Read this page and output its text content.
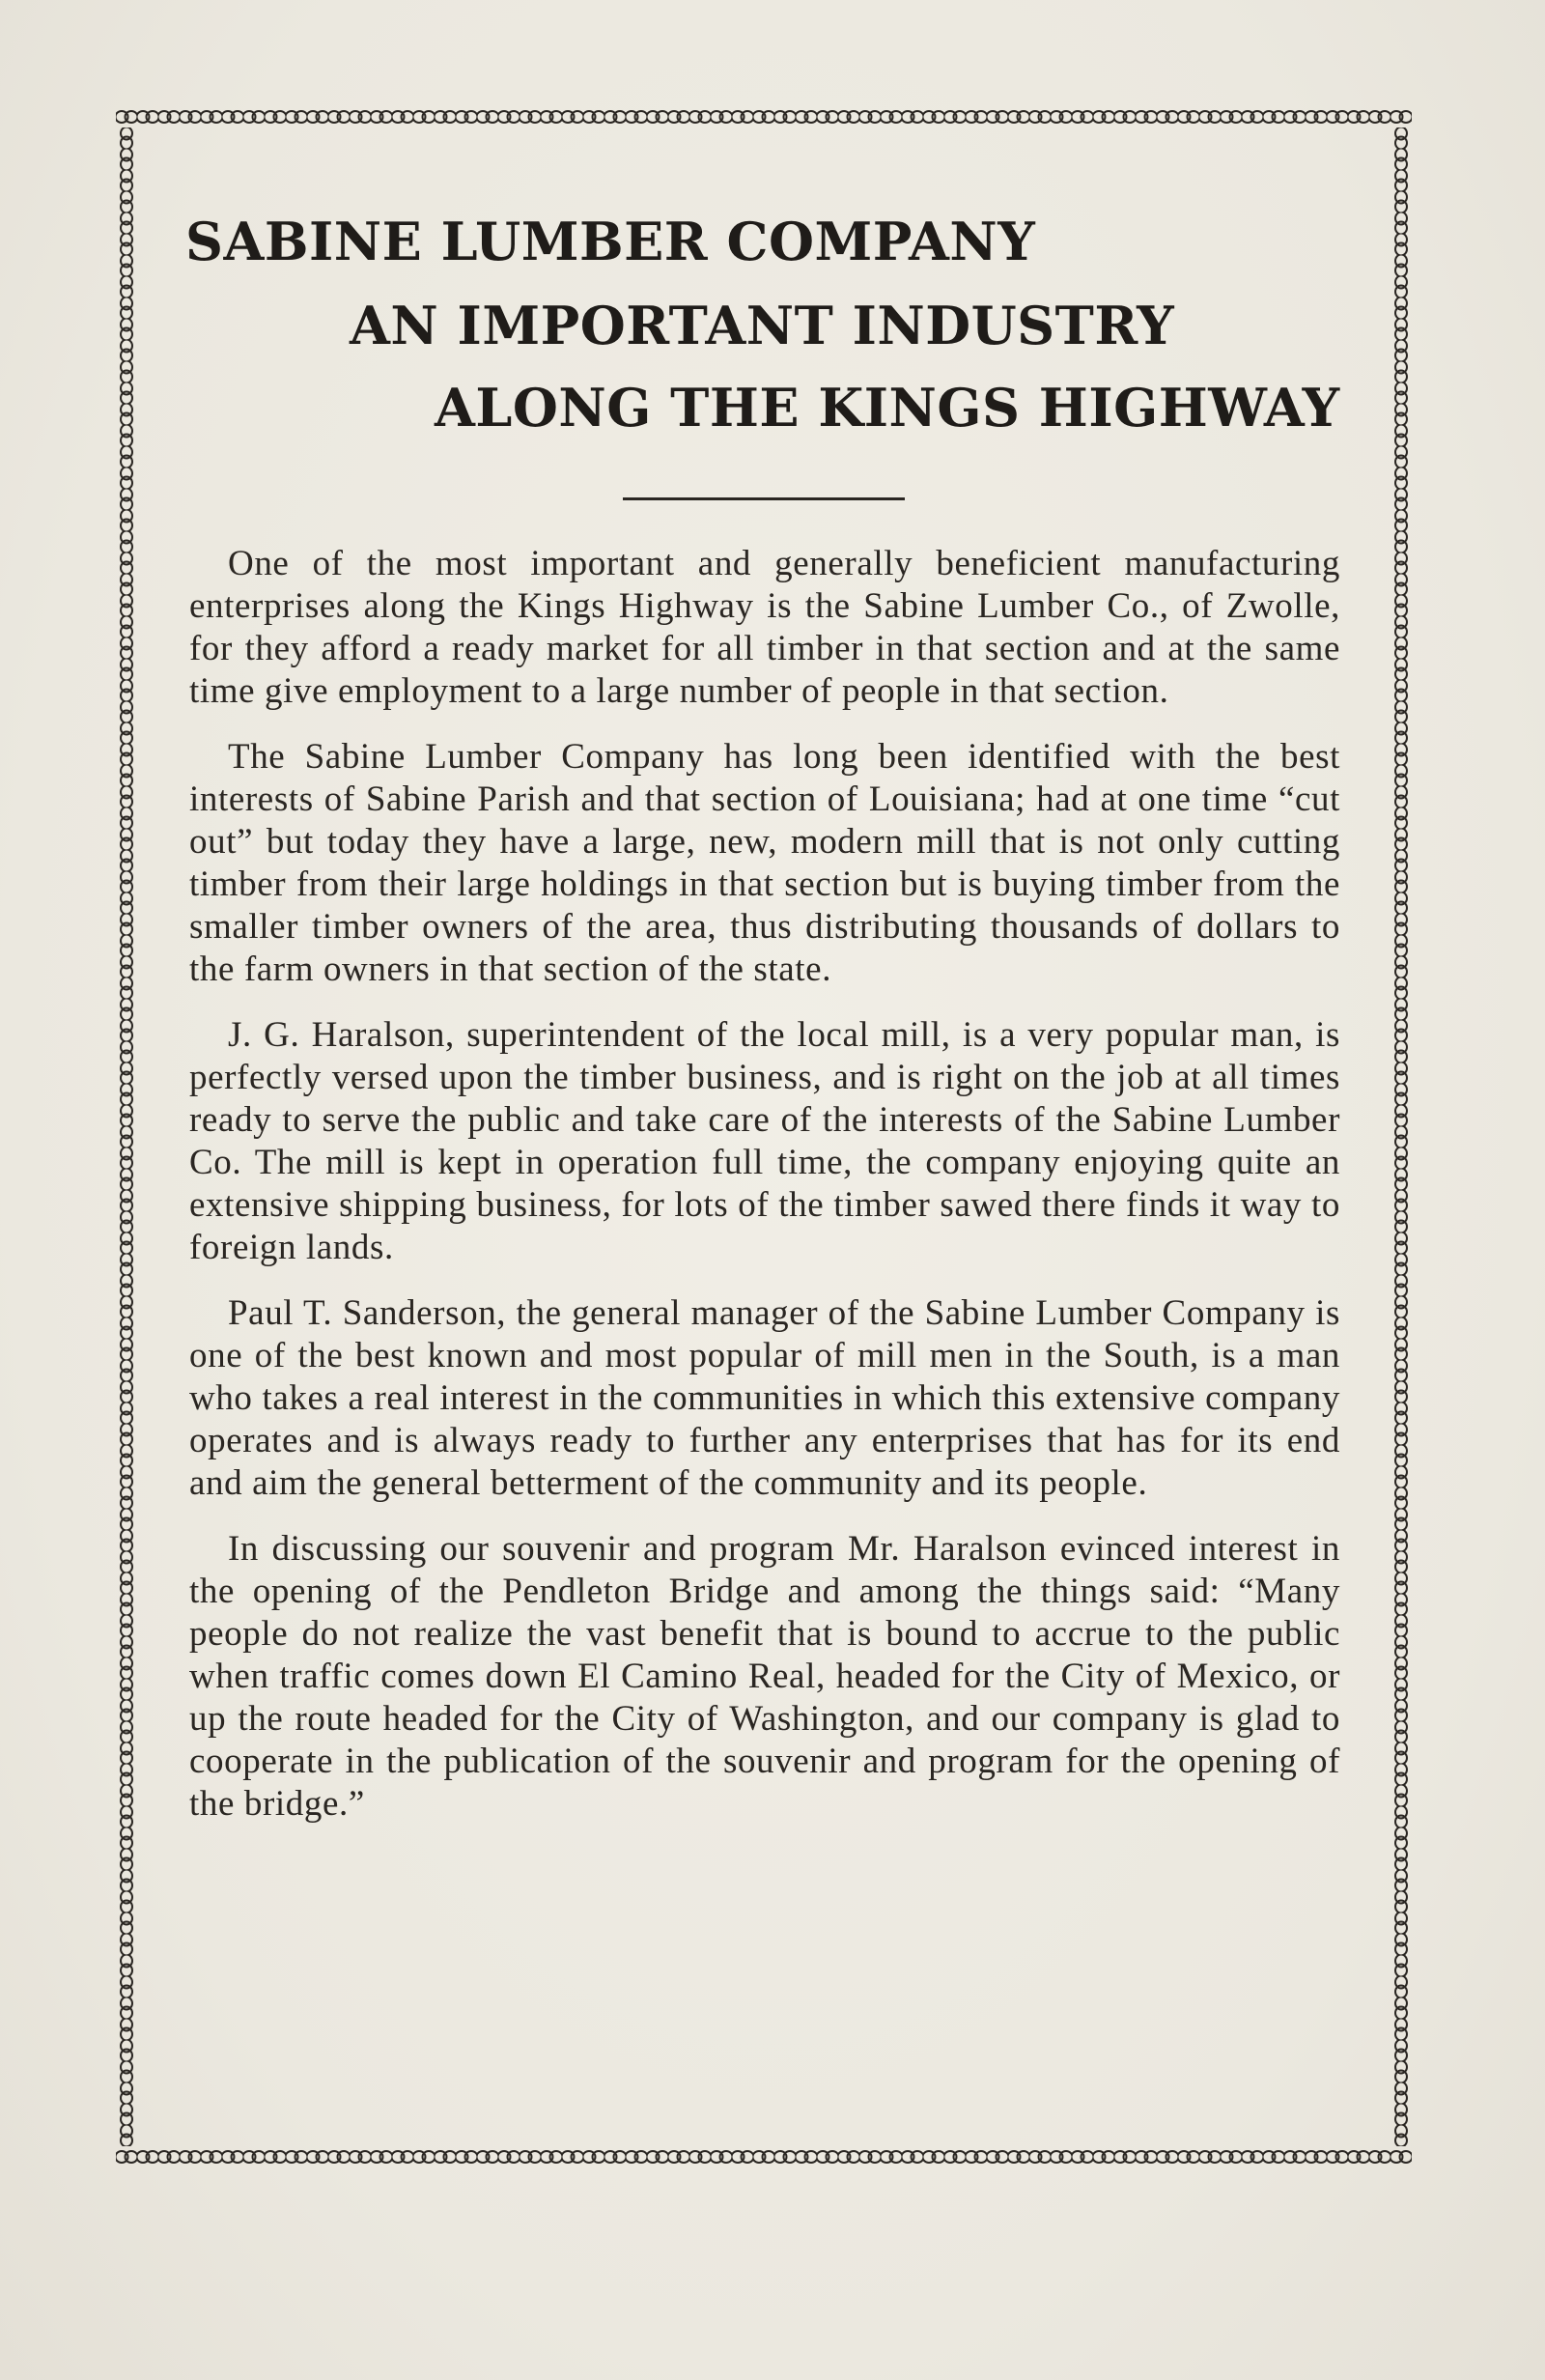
SABINE LUMBER COMPANY
AN IMPORTANT INDUSTRY
ALONG THE KINGS HIGHWAY

One of the most important and generally beneficient manufacturing enterprises along the Kings Highway is the Sabine Lumber Co., of Zwolle, for they afford a ready market for all timber in that section and at the same time give employment to a large number of people in that section.

The Sabine Lumber Company has long been identified with the best interests of Sabine Parish and that section of Louisiana; had at one time “cut out” but today they have a large, new, modern mill that is not only cutting timber from their large holdings in that section but is buying timber from the smaller timber owners of the area, thus distributing thousands of dollars to the farm owners in that section of the state.

J. G. Haralson, superintendent of the local mill, is a very popular man, is perfectly versed upon the timber business, and is right on the job at all times ready to serve the public and take care of the interests of the Sabine Lumber Co. The mill is kept in operation full time, the company enjoying quite an extensive shipping business, for lots of the timber sawed there finds it way to foreign lands.

Paul T. Sanderson, the general manager of the Sabine Lumber Company is one of the best known and most popular of mill men in the South, is a man who takes a real interest in the communities in which this extensive company operates and is always ready to further any enterprises that has for its end and aim the general betterment of the community and its people.

In discussing our souvenir and program Mr. Haralson evinced interest in the opening of the Pendleton Bridge and among the things said: “Many people do not realize the vast benefit that is bound to accrue to the public when traffic comes down El Camino Real, headed for the City of Mexico, or up the route headed for the City of Washington, and our company is glad to cooperate in the publication of the souvenir and program for the opening of the bridge.”
